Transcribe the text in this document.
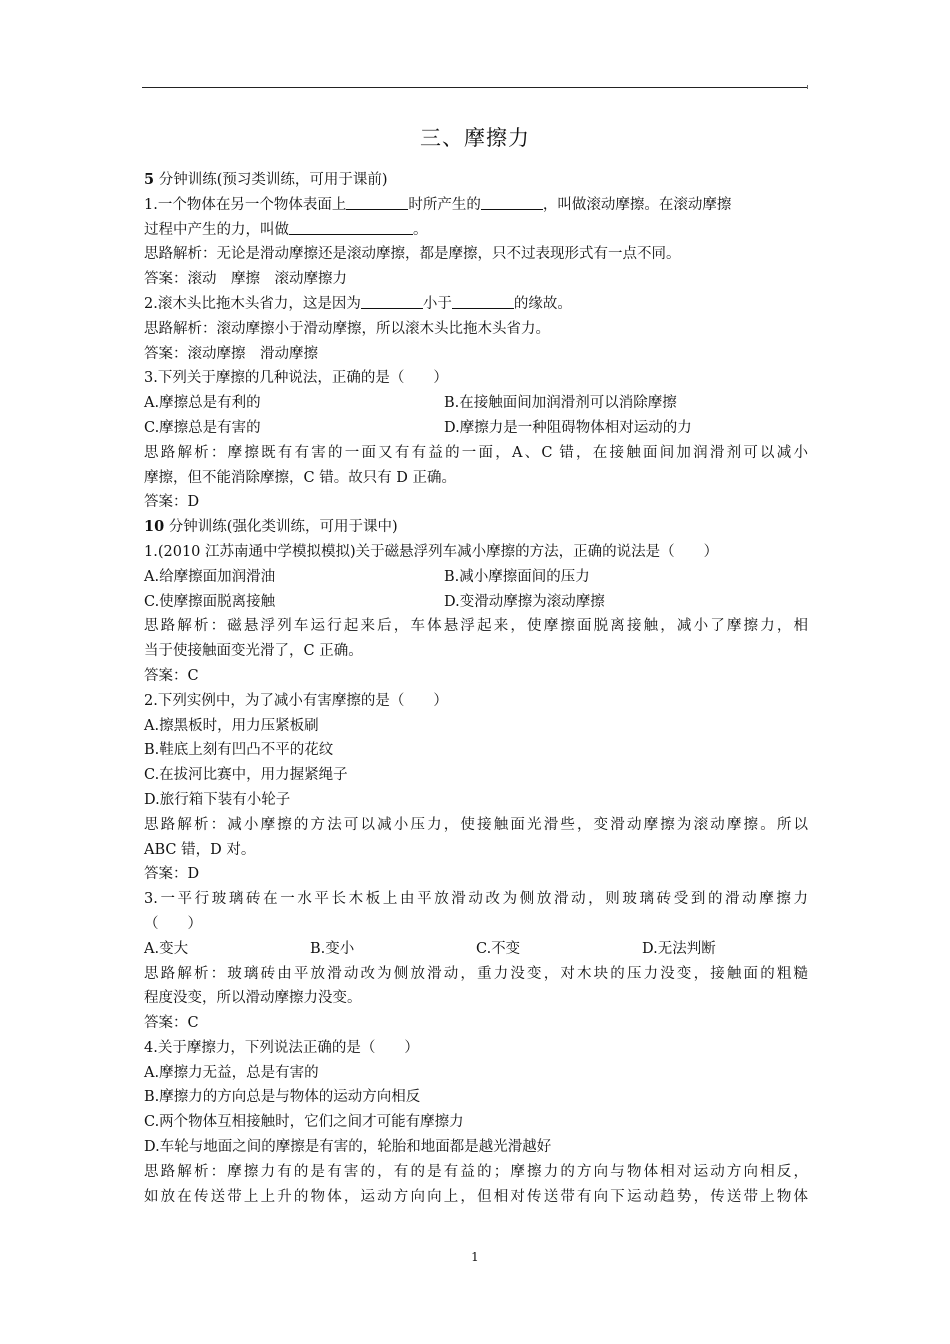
三、摩擦力
5 分钟训练(预习类训练，可用于课前)
1.一个物体在另一个物体表面上	时所产生的	，叫做滚动摩擦。在滚动摩擦
过程中产生的力，叫做	。
思路解析：无论是滑动摩擦还是滚动摩擦，都是摩擦，只不过表现形式有一点不同。
答案：滚动　摩擦　滚动摩擦力
2.滚木头比拖木头省力，这是因为	小于	的缘故。
思路解析：滚动摩擦小于滑动摩擦，所以滚木头比拖木头省力。
答案：滚动摩擦　滑动摩擦
3.下列关于摩擦的几种说法，正确的是（　　）
A.摩擦总是有利的	B.在接触面间加润滑剂可以消除摩擦
C.摩擦总是有害的	D.摩擦力是一种阻碍物体相对运动的力
思路解析：摩擦既有有害的一面又有有益的一面，A、C 错，在接触面间加润滑剂可以减小
摩擦，但不能消除摩擦，C 错。故只有 D 正确。
答案：D
10 分钟训练(强化类训练，可用于课中)
1.(2010 江苏南通中学模拟模拟)关于磁悬浮列车减小摩擦的方法，正确的说法是（　　）
A.给摩擦面加润滑油	B.减小摩擦面间的压力
C.使摩擦面脱离接触	D.变滑动摩擦为滚动摩擦
思路解析：磁悬浮列车运行起来后，车体悬浮起来，使摩擦面脱离接触，减小了摩擦力，相
当于使接触面变光滑了，C 正确。
答案：C
2.下列实例中，为了减小有害摩擦的是（　　）
A.擦黑板时，用力压紧板刷
B.鞋底上刻有凹凸不平的花纹
C.在拔河比赛中，用力握紧绳子
D.旅行箱下装有小轮子
思路解析：减小摩擦的方法可以减小压力，使接触面光滑些，变滑动摩擦为滚动摩擦。所以
ABC 错，D 对。
答案：D
3.一平行玻璃砖在一水平长木板上由平放滑动改为侧放滑动，则玻璃砖受到的滑动摩擦力
（　　）
A.变大	B.变小	C.不变	D.无法判断
思路解析：玻璃砖由平放滑动改为侧放滑动，重力没变，对木块的压力没变，接触面的粗糙
程度没变，所以滑动摩擦力没变。
答案：C
4.关于摩擦力，下列说法正确的是（　　）
A.摩擦力无益，总是有害的
B.摩擦力的方向总是与物体的运动方向相反
C.两个物体互相接触时，它们之间才可能有摩擦力
D.车轮与地面之间的摩擦是有害的，轮胎和地面都是越光滑越好
思路解析：摩擦力有的是有害的，有的是有益的；摩擦力的方向与物体相对运动方向相反，
如放在传送带上上升的物体，运动方向向上，但相对传送带有向下运动趋势，传送带上物体
1
